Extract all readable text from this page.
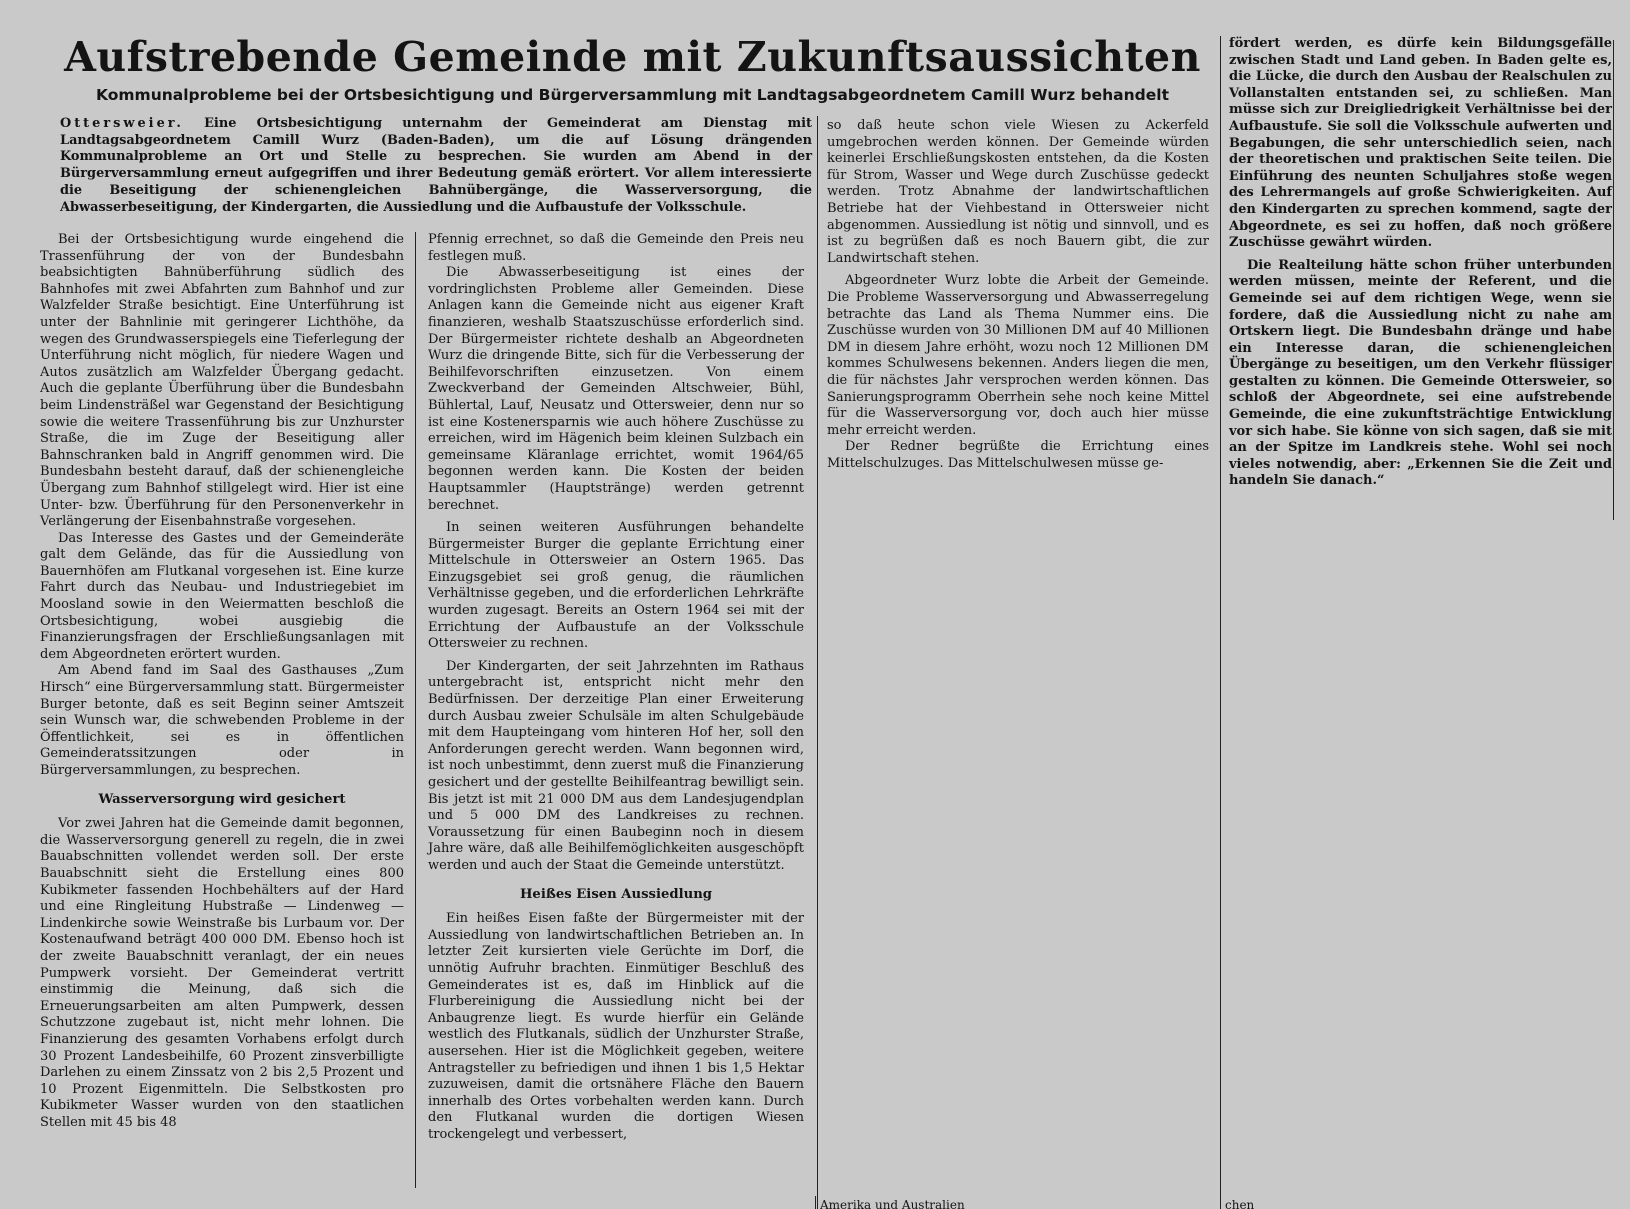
Aufstrebende Gemeinde mit Zukunftsaussichten
Kommunalprobleme bei der Ortsbesichtigung und Bürgerversammlung mit Landtagsabgeordnetem Camill Wurz behandelt
Ottersweier. Eine Ortsbesichtigung unternahm der Gemeinderat am Dienstag mit Landtagsabgeordnetem Camill Wurz (Baden-Baden), um die auf Lösung drängenden Kommunalprobleme an Ort und Stelle zu besprechen. Sie wurden am Abend in der Bürgerversammlung erneut aufgegriffen und ihrer Bedeutung gemäß erörtert. Vor allem interessierte die Beseitigung der schienengleichen Bahnübergänge, die Wasserversorgung, die Abwasserbeseitigung, der Kindergarten, die Aussiedlung und die Aufbaustufe der Volksschule.

Bei der Ortsbesichtigung wurde eingehend die Trassenführung der von der Bundesbahn beabsichtigten Bahnüberführung südlich des Bahnhofes mit zwei Abfahrten zum Bahnhof und zur Walzfelder Straße besichtigt. Eine Unterführung ist unter der Bahnlinie mit geringerer Lichthöhe, da wegen des Grundwasserspiegels eine Tieferlegung der Unterführung nicht möglich, für niedere Wagen und Autos zusätzlich am Walzfelder Übergang gedacht. Auch die geplante Überführung über die Bundesbahn beim Lindensträßel war Gegenstand der Besichtigung sowie die weitere Trassenführung bis zur Unzhurster Straße, die im Zuge der Beseitigung aller Bahnschranken bald in Angriff genommen wird. Die Bundesbahn besteht darauf, daß der schienengleiche Übergang zum Bahnhof stillgelegt wird. Hier ist eine Unter- bzw. Überführung für den Personenverkehr in Verlängerung der Eisenbahnstraße vorgesehen.

Das Interesse des Gastes und der Gemeinderäte galt dem Gelände, das für die Aussiedlung von Bauernhöfen am Flutkanal vorgesehen ist. Eine kurze Fahrt durch das Neubau- und Industriegebiet im Moosland sowie in den Weiermatten beschloß die Ortsbesichtigung, wobei ausgiebig die Finanzierungsfragen der Erschließungsanlagen mit dem Abgeordneten erörtert wurden.

Am Abend fand im Saal des Gasthauses „Zum Hirsch“ eine Bürgerversammlung statt. Bürgermeister Burger betonte, daß es seit Beginn seiner Amtszeit sein Wunsch war, die schwebenden Probleme in der Öffentlichkeit, sei es in öffentlichen Gemeinderatssitzungen oder in Bürgerversammlungen, zu besprechen.

Wasserversorgung wird gesichert

Vor zwei Jahren hat die Gemeinde damit begonnen, die Wasserversorgung generell zu regeln, die in zwei Bauabschnitten vollendet werden soll. Der erste Bauabschnitt sieht die Erstellung eines 800 Kubikmeter fassenden Hochbehälters auf der Hard und eine Ringleitung Hubstraße — Lindenweg — Lindenkirche sowie Weinstraße bis Lurbaum vor. Der Kostenaufwand beträgt 400 000 DM. Ebenso hoch ist der zweite Bauabschnitt veranlagt, der ein neues Pumpwerk vorsieht. Der Gemeinderat vertritt einstimmig die Meinung, daß sich die Erneuerungsarbeiten am alten Pumpwerk, dessen Schutzzone zugebaut ist, nicht mehr lohnen. Die Finanzierung des gesamten Vorhabens erfolgt durch 30 Prozent Landesbeihilfe, 60 Prozent zinsverbilligte Darlehen zu einem Zinssatz von 2 bis 2,5 Prozent und 10 Prozent Eigenmitteln. Die Selbstkosten pro Kubikmeter Wasser wurden von den staatlichen Stellen mit 45 bis 48

Pfennig errechnet, so daß die Gemeinde den Preis neu festlegen muß.

Die Abwasserbeseitigung ist eines der vordringlichsten Probleme aller Gemeinden. Diese Anlagen kann die Gemeinde nicht aus eigener Kraft finanzieren, weshalb Staatszuschüsse erforderlich sind. Der Bürgermeister richtete deshalb an Abgeordneten Wurz die dringende Bitte, sich für die Verbesserung der Beihilfevorschriften einzusetzen. Von einem Zweckverband der Gemeinden Altschweier, Bühl, Bühlertal, Lauf, Neusatz und Ottersweier, denn nur so ist eine Kostenersparnis wie auch höhere Zuschüsse zu erreichen, wird im Hägenich beim kleinen Sulzbach ein gemeinsame Kläranlage errichtet, womit 1964/65 begonnen werden kann. Die Kosten der beiden Hauptsammler (Hauptstränge) werden getrennt berechnet.

In seinen weiteren Ausführungen behandelte Bürgermeister Burger die geplante Errichtung einer Mittelschule in Ottersweier an Ostern 1965. Das Einzugsgebiet sei groß genug, die räumlichen Verhältnisse gegeben, und die erforderlichen Lehrkräfte wurden zugesagt. Bereits an Ostern 1964 sei mit der Errichtung der Aufbaustufe an der Volksschule Ottersweier zu rechnen.

Der Kindergarten, der seit Jahrzehnten im Rathaus untergebracht ist, entspricht nicht mehr den Bedürfnissen. Der derzeitige Plan einer Erweiterung durch Ausbau zweier Schulsäle im alten Schulgebäude mit dem Haupteingang vom hinteren Hof her, soll den Anforderungen gerecht werden. Wann begonnen wird, ist noch unbestimmt, denn zuerst muß die Finanzierung gesichert und der gestellte Beihilfeantrag bewilligt sein. Bis jetzt ist mit 21 000 DM aus dem Landesjugendplan und 5 000 DM des Landkreises zu rechnen. Voraussetzung für einen Baubeginn noch in diesem Jahre wäre, daß alle Beihilfemöglichkeiten ausgeschöpft werden und auch der Staat die Gemeinde unterstützt.

Heißes Eisen Aussiedlung

Ein heißes Eisen faßte der Bürgermeister mit der Aussiedlung von landwirtschaftlichen Betrieben an. In letzter Zeit kursierten viele Gerüchte im Dorf, die unnötig Aufruhr brachten. Einmütiger Beschluß des Gemeinderates ist es, daß im Hinblick auf die Flurbereinigung die Aussiedlung nicht bei der Anbaugrenze liegt. Es wurde hierfür ein Gelände westlich des Flutkanals, südlich der Unzhurster Straße, ausersehen. Hier ist die Möglichkeit gegeben, weitere Antragsteller zu befriedigen und ihnen 1 bis 1,5 Hektar zuzuweisen, damit die ortsnähere Fläche den Bauern innerhalb des Ortes vorbehalten werden kann. Durch den Flutkanal wurden die dortigen Wiesen trockengelegt und verbessert,

so daß heute schon viele Wiesen zu Ackerfeld umgebrochen werden können. Der Gemeinde würden keinerlei Erschließungskosten entstehen, da die Kosten für Strom, Wasser und Wege durch Zuschüsse gedeckt werden. Trotz Abnahme der landwirtschaftlichen Betriebe hat der Viehbestand in Ottersweier nicht abgenommen. Aussiedlung ist nötig und sinnvoll, und es ist zu begrüßen daß es noch Bauern gibt, die zur Landwirtschaft stehen.

Abgeordneter Wurz lobte die Arbeit der Gemeinde. Die Probleme Wasserversorgung und Abwasserregelung betrachte das Land als Thema Nummer eins. Die Zuschüsse wurden von 30 Millionen DM auf 40 Millionen DM in diesem Jahre erhöht, wozu noch 12 Millionen DM kommes Schulwesens bekennen. Anders liegen die men, die für nächstes Jahr versprochen werden können. Das Sanierungsprogramm Oberrhein sehe noch keine Mittel für die Wasserversorgung vor, doch auch hier müsse mehr erreicht werden.

Der Redner begrüßte die Errichtung eines Mittelschulzuges. Das Mittelschulwesen müsse ge-

fördert werden, es dürfe kein Bildungsgefälle zwischen Stadt und Land geben. In Baden gelte es, die Lücke, die durch den Ausbau der Realschulen zu Vollanstalten entstanden sei, zu schließen. Man müsse sich zur Dreigliedrigkeit Verhältnisse bei der Aufbaustufe. Sie soll die Volksschule aufwerten und Begabungen, die sehr unterschiedlich seien, nach der theoretischen und praktischen Seite teilen. Die Einführung des neunten Schuljahres stoße wegen des Lehrermangels auf große Schwierigkeiten. Auf den Kindergarten zu sprechen kommend, sagte der Abgeordnete, es sei zu hoffen, daß noch größere Zuschüsse gewährt würden.

Die Realteilung hätte schon früher unterbunden werden müssen, meinte der Referent, und die Gemeinde sei auf dem richtigen Wege, wenn sie fordere, daß die Aussiedlung nicht zu nahe am Ortskern liegt. Die Bundesbahn dränge und habe ein Interesse daran, die schienengleichen Übergänge zu beseitigen, um den Verkehr flüssiger gestalten zu können. Die Gemeinde Ottersweier, so schloß der Abgeordnete, sei eine aufstrebende Gemeinde, die eine zukunftsträchtige Entwicklung vor sich habe. Sie könne von sich sagen, daß sie mit an der Spitze im Landkreis stehe. Wohl sei noch vieles notwendig, aber: „Erkennen Sie die Zeit und handeln Sie danach.“

Amerika und Australien	chen
